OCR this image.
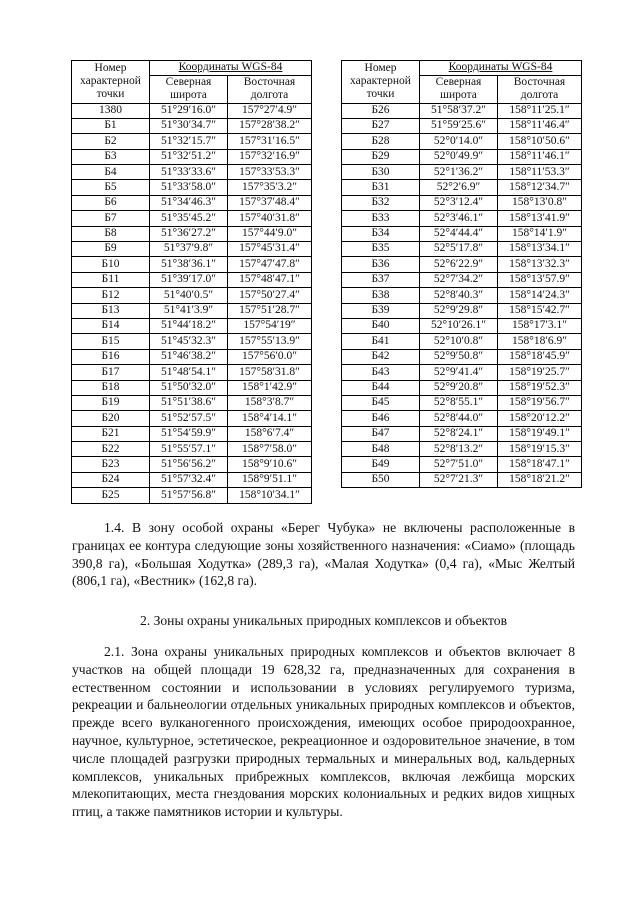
Номер характерной точки	Координаты WGS-84	
	Северная широта	Восточная долгота
1380	51°29′16.0″	157°27′4.9″
Б1	51°30′34.7″	157°28′38.2″
Б2	51°32′15.7″	157°31′16.5″
Б3	51°32′51.2″	157°32′16.9″
Б4	51°33′33.6″	157°33′53.3″
Б5	51°33′58.0″	157°35′3.2″
Б6	51°34′46.3″	157°37′48.4″
Б7	51°35′45.2″	157°40′31.8″
Б8	51°36′27.2″	157°44′9.0″
Б9	51°37′9.8″	157°45′31.4″
Б10	51°38′36.1″	157°47′47.8″
Б11	51°39′17.0″	157°48′47.1″
Б12	51°40′0.5″	157°50′27.4″
Б13	51°41′3.9″	157°51′28.7″
Б14	51°44′18.2″	157°54′19″
Б15	51°45′32.3″	157°55′13.9″
Б16	51°46′38.2″	157°56′0.0″
Б17	51°48′54.1″	157°58′31.8″
Б18	51°50′32.0″	158°1′42.9″
Б19	51°51′38.6″	158°3′8.7″
Б20	51°52′57.5″	158°4′14.1″
Б21	51°54′59.9″	158°6′7.4″
Б22	51°55′57.1″	158°7′58.0″
Б23	51°56′56.2″	158°9′10.6″
Б24	51°57′32.4″	158°9′51.1″
Б25	51°57′56.8″	158°10′34.1″
Номер характерной точки	Координаты WGS-84	
	Северная широта	Восточная долгота
Б26	51°58′37.2″	158°11′25.1″
Б27	51°59′25.6″	158°11′46.4″
Б28	52°0′14.0″	158°10′50.6″
Б29	52°0′49.9″	158°11′46.1″
Б30	52°1′36.2″	158°11′53.3″
Б31	52°2′6.9″	158°12′34.7″
Б32	52°3′12.4″	158°13′0.8″
Б33	52°3′46.1″	158°13′41.9″
Б34	52°4′44.4″	158°14′1.9″
Б35	52°5′17.8″	158°13′34.1″
Б36	52°6′22.9″	158°13′32.3″
Б37	52°7′34.2″	158°13′57.9″
Б38	52°8′40.3″	158°14′24.3″
Б39	52°9′29.8″	158°15′42.7″
Б40	52°10′26.1″	158°17′3.1″
Б41	52°10′0.8″	158°18′6.9″
Б42	52°9′50.8″	158°18′45.9″
Б43	52°9′41.4″	158°19′25.7″
Б44	52°9′20.8″	158°19′52.3″
Б45	52°8′55.1″	158°19′56.7″
Б46	52°8′44.0″	158°20′12.2″
Б47	52°8′24.1″	158°19′49.1″
Б48	52°8′13.2″	158°19′15.3″
Б49	52°7′51.0″	158°18′47.1″
Б50	52°7′21.3″	158°18′21.2″

1.4. В зону особой охраны «Берег Чубука» не включены расположенные в границах ее контура следующие зоны хозяйственного назначения: «Сиамо» (площадь 390,8 га), «Большая Ходутка» (289,3 га), «Малая Ходутка» (0,4 га), «Мыс Желтый (806,1 га), «Вестник» (162,8 га).

2. Зоны охраны уникальных природных комплексов и объектов

2.1. Зона охраны уникальных природных комплексов и объектов включает 8 участков на общей площади 19 628,32 га, предназначенных для сохранения в естественном состоянии и использовании в условиях регулируемого туризма, рекреации и бальнеологии отдельных уникальных природных комплексов и объектов, прежде всего вулканогенного происхождения, имеющих особое природоохранное, научное, культурное, эстетическое, рекреационное и оздоровительное значение, в том числе площадей разгрузки природных термальных и минеральных вод, кальдерных комплексов, уникальных прибрежных комплексов, включая лежбища морских млекопитающих, места гнездования морских колониальных и редких видов хищных птиц, а также памятников истории и культуры.
